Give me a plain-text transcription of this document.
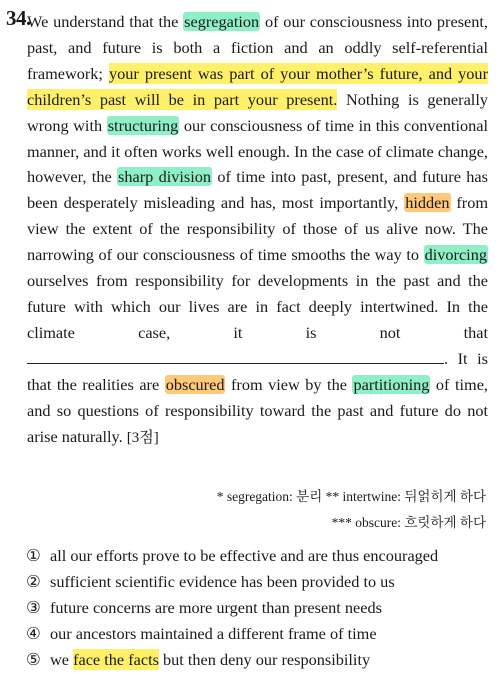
34.
We understand that the segregation of our consciousness into present, past, and future is both a fiction and an oddly self-referential framework; your present was part of your mother’s future, and your children’s past will be in part your present. Nothing is generally wrong with structuring our consciousness of time in this conventional manner, and it often works well enough. In the case of climate change, however, the sharp division of time into past, present, and future has been desperately misleading and has, most importantly, hidden from view the extent of the responsibility of those of us alive now. The narrowing of our consciousness of time smooths the way to divorcing ourselves from responsibility for developments in the past and the future with which our lives are in fact deeply intertwined. In the climate case, it is not that . It is that the realities are obscured from view by the partitioning of time, and so questions of responsibility toward the past and future do not arise naturally. [3점]
* segregation: 분리 ** intertwine: 뒤얽히게 하다
*** obscure: 흐릿하게 하다
① all our efforts prove to be effective and are thus encouraged
② sufficient scientific evidence has been provided to us
③ future concerns are more urgent than present needs
④ our ancestors maintained a different frame of time
⑤ we face the facts but then deny our responsibility
